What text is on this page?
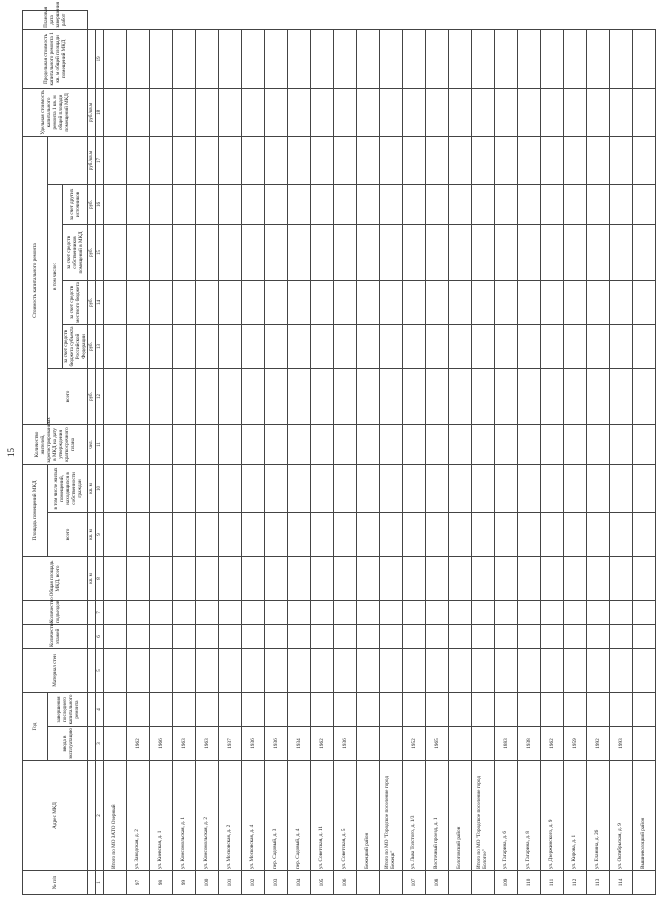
15
№ п/п	Адрес МКД	Год		Материал стен	Количество этажей	Количество подъездов	Общая площадь МКД, всего	Площадь помещений МКД		Количество жителей, зарегистрированных в МКД на дату утверждения краткосрочного плана	Стоимость капитального ремонта						Удельная стоимость капитального ремонта 1 кв. м общей площади помещений МКД	Предельная стоимость капитального ремонта 1 кв. м общей площади помещений МКД	Плановая дата завершения работ
		ввода в эксплуатацию	завершения последнего капитального ремонта					всего	в том числе жилых помещений, находящихся в собственности граждан		всего	в том числе:							
												за счет средств бюджета субъекта Российской Федерации	за счет средств местного бюджета	за счет средств собственников помещений в МКД	за счет других источников				
							кв. м	кв. м	кв. м	чел.	руб.	руб.	руб.	руб.	руб.	руб./кв.м	руб./кв.м		
1	2	3	4	5	6	7	8	9	10	11	12	13	14	15	16	17	18	19	
	Итого по МО ЗАТО Озерный																		
97	ул. Заводская, д. 2	1962																	
98	ул. Киевская, д. 1	1966																	
99	ул. Комсомольская, д. 1	1963																	
100	ул. Комсомольская, д. 2	1963																	
101	ул. Московская, д. 2	1937																	
102	ул. Московская, д. 4	1936																	
103	пер. Садовый, д. 3	1936																	
104	пер. Садовый, д. 4	1934																	
105	ул. Советская, д. 11	1962																	
106	ул. Советская, д. 5	1936																	
	Бежецкий район																		
	Итого по МО "Городское поселение город Бежецк"																		
107	ул. Льва Толстого, д. 1/3	1952																	
108	Восточный проезд, д. 1	1965																	
	Бологовский район																		
	Итого по МО "Городское поселение город Бологое"																		
109	ул. Гагарина, д. 6	1883																	
110	ул. Гагарина, д. 8	1938																	
111	ул. Дзержинского, д. 9	1962																	
112	ул. Кирова, д. 1	1959																	
113	ул. Еланина, д. 26	1992																	
114	ул. Октябрьская, д. 9	1993																	
	Вышневолоцкий район																		
